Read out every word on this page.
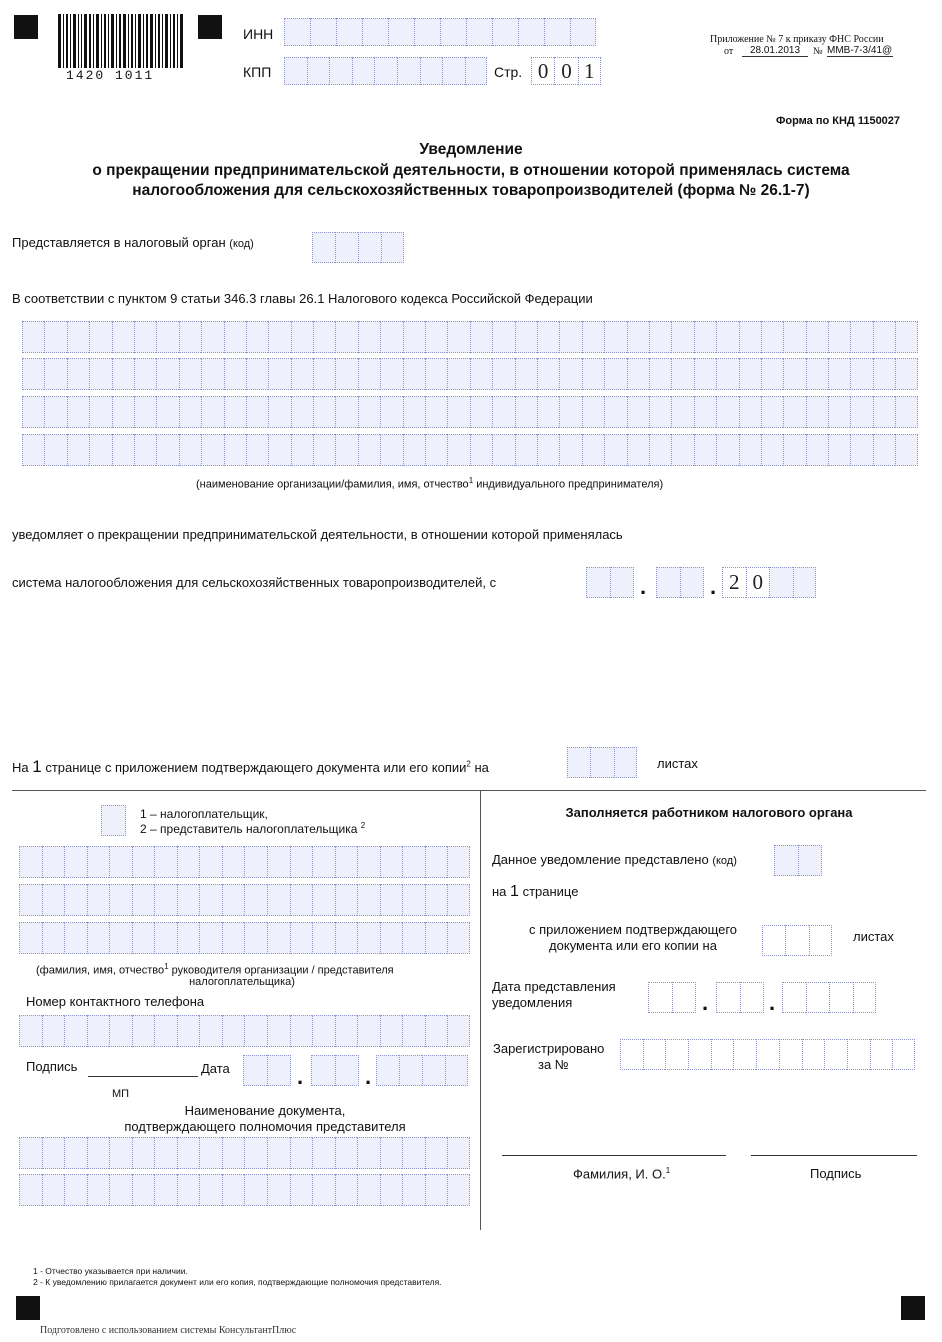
1420 1011
ИНН
КПП	Стр. 0 0 1
Приложение № 7 к приказу ФНС России
от	28.01.2013	№ ММВ-7-3/41@
Форма по КНД 1150027
Уведомление
о прекращении предпринимательской деятельности, в отношении которой применялась система
налогообложения для сельскохозяйственных товаропроизводителей (форма № 26.1-7)
Представляется в налоговый орган (код)
В соответствии с пунктом 9 статьи 346.3 главы 26.1 Налогового кодекса Российской Федерации
(наименование организации/фамилия, имя, отчество$^1$ индивидуального предпринимателя)
уведомляет о прекращении предпринимательской деятельности, в отношении которой применялась
система налогообложения для сельскохозяйственных товаропроизводителей, с	.	. 2 0
На 1 странице с приложением подтверждающего документа или его копии$^2$ на	листах
1 – налогоплательщик,
2 – представитель налогоплательщика $^2$
(фамилия, имя, отчество$^1$ руководителя организации / представителя
налогоплательщика)
Номер контактного телефона
Подпись	Дата	.	.
МП
Наименование документа,
подтверждающего полномочия представителя
Заполняется работником налогового органа
Данное уведомление представлено (код)
на 1 странице
с приложением подтверждающего
документа или его копии на
листах
Дата представления
уведомления	.	.
Зарегистрировано
за №
Фамилия, И. О.$^1$	Подпись
1 - Отчество указывается при наличии.
2 - К уведомлению прилагается документ или его копия, подтверждающие полномочия представителя.
Подготовлено с использованием системы КонсультантПлюс
